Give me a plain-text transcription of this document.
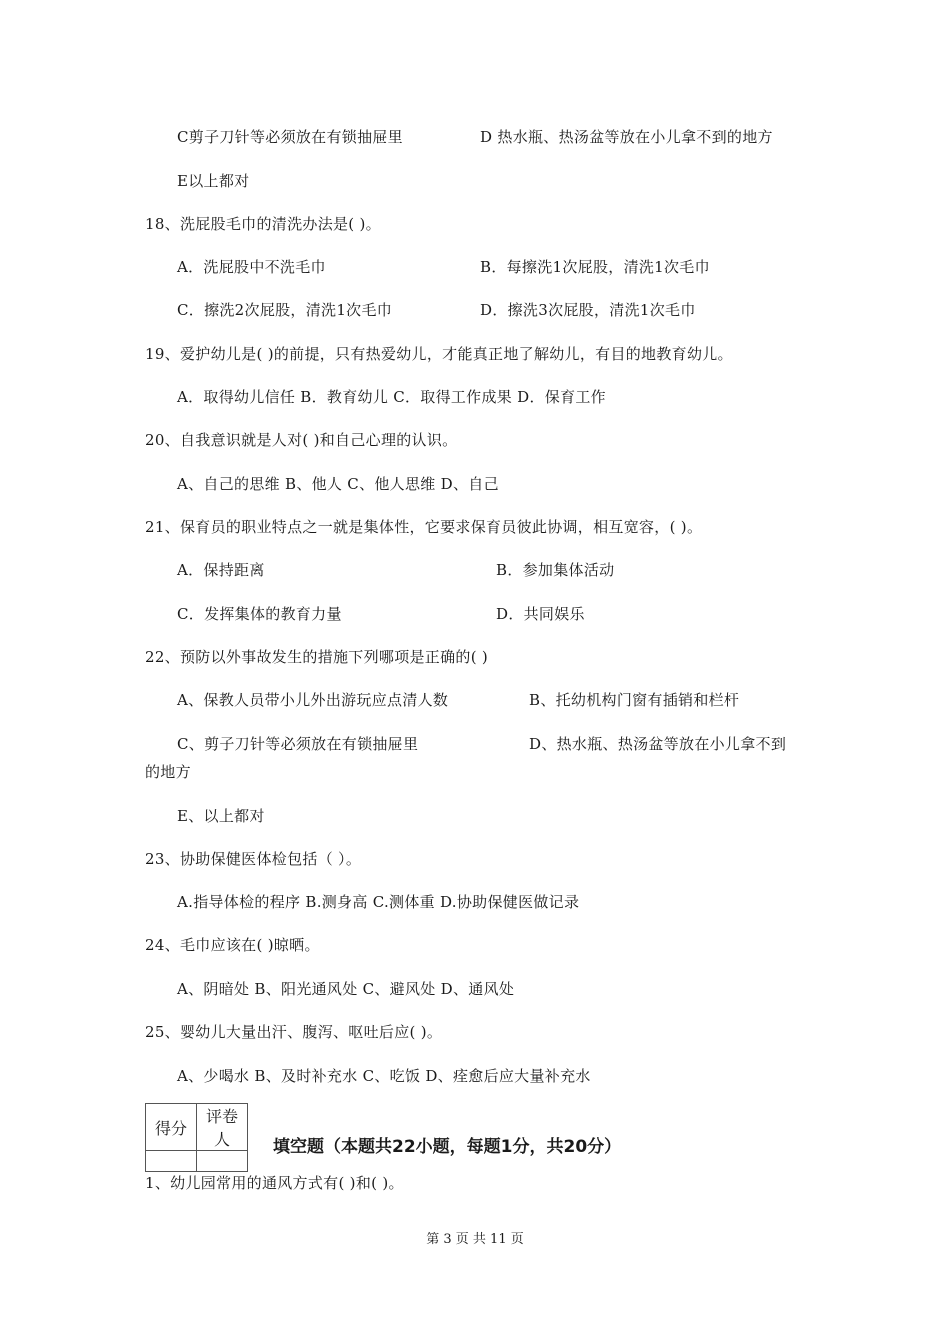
C剪子刀针等必须放在有锁抽屉里	D 热水瓶、热汤盆等放在小儿拿不到的地方
E以上都对
18、洗屁股毛巾的清洗办法是( )。
A．洗屁股中不洗毛巾	B．每擦洗1次屁股，清洗1次毛巾
C．擦洗2次屁股，清洗1次毛巾	D．擦洗3次屁股，清洗1次毛巾
19、爱护幼儿是( )的前提，只有热爱幼儿，才能真正地了解幼儿，有目的地教育幼儿。
A．取得幼儿信任 B．教育幼儿 C．取得工作成果 D．保育工作
20、自我意识就是人对( )和自己心理的认识。
A、自己的思维 B、他人 C、他人思维 D、自己
21、保育员的职业特点之一就是集体性，它要求保育员彼此协调，相互宽容，( )。
A．保持距离	B．参加集体活动
C．发挥集体的教育力量	D．共同娱乐
22、预防以外事故发生的措施下列哪项是正确的( )
A、保教人员带小儿外出游玩应点清人数	B、托幼机构门窗有插销和栏杆
C、剪子刀针等必须放在有锁抽屉里	D、热水瓶、热汤盆等放在小儿拿不到
的地方
E、以上都对
23、协助保健医体检包括（ ）。
A.指导体检的程序 B.测身高 C.测体重 D.协助保健医做记录
24、毛巾应该在( )晾晒。
A、阴暗处 B、阳光通风处 C、避风处 D、通风处
25、婴幼儿大量出汗、腹泻、呕吐后应( )。
A、少喝水 B、及时补充水 C、吃饭 D、痊愈后应大量补充水
得分	评卷人
		填空题（本题共22小题，每题1分，共20分）
1、幼儿园常用的通风方式有( )和( )。
第 3 页 共 11 页
